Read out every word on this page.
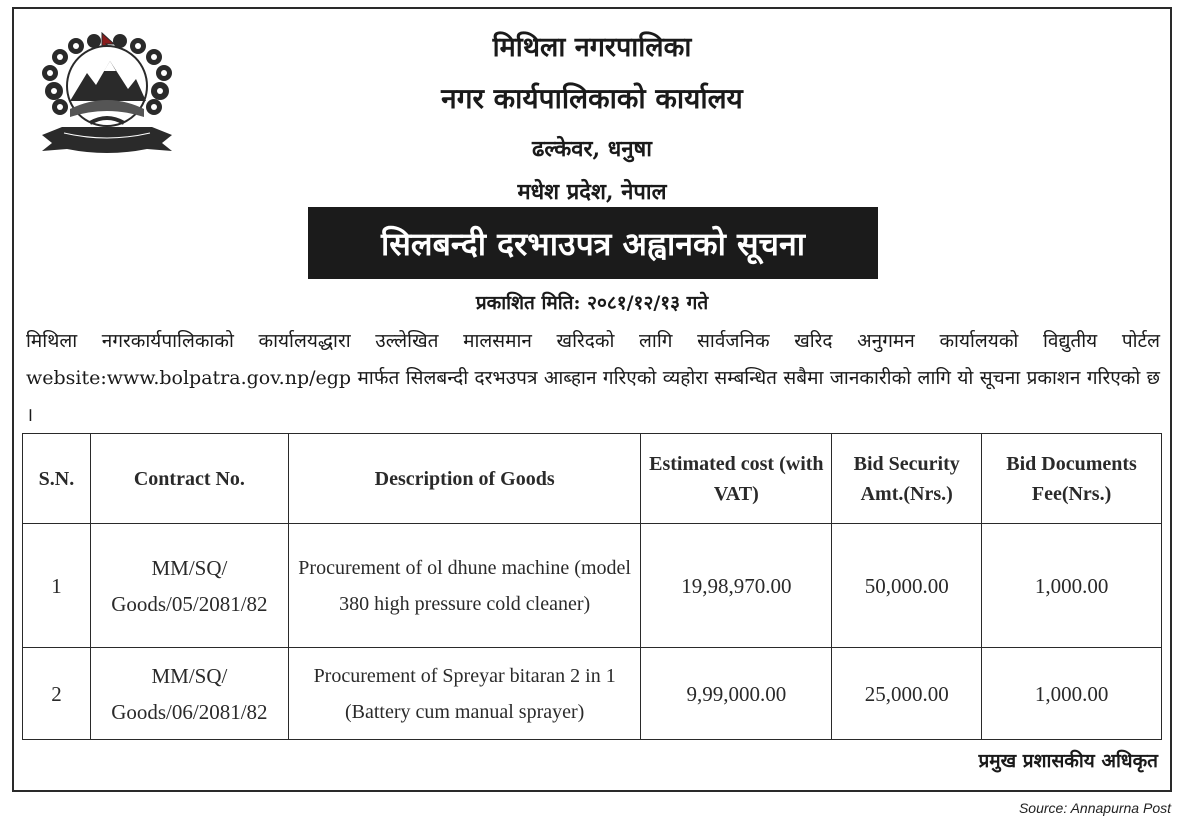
मिथिला नगरपालिका
नगर कार्यपालिकाको कार्यालय
ढल्केवर, धनुषा
मधेश प्रदेश, नेपाल
सिलबन्दी दरभाउपत्र अह्वानको सूचना
प्रकाशित मिति: २०८१/१२/१३ गते

मिथिला नगरकार्यपालिकाको कार्यालयद्धारा उल्लेखित मालसमान खरिदको लागि सार्वजनिक खरिद अनुगमन कार्यालयको विद्युतीय पोर्टल website:www.bolpatra.gov.np/egp मार्फत सिलबन्दी दरभउपत्र आब्हान गरिएको व्यहोरा सम्बन्धित सबैमा जानकारीको लागि यो सूचना प्रकाशन गरिएको छ ।

S.N.	Contract No.	Description of Goods	Estimated cost (with VAT)	Bid Security Amt.(Nrs.)	Bid Documents Fee(Nrs.)
1	MM/SQ/ Goods/05/2081/82	Procurement of ol dhune machine (model 380 high pressure cold cleaner)	19,98,970.00	50,000.00	1,000.00
2	MM/SQ/ Goods/06/2081/82	Procurement of Spreyar bitaran 2 in 1 (Battery cum manual sprayer)	9,99,000.00	25,000.00	1,000.00
प्रमुख प्रशासकीय अधिकृत
Source: Annapurna Post
